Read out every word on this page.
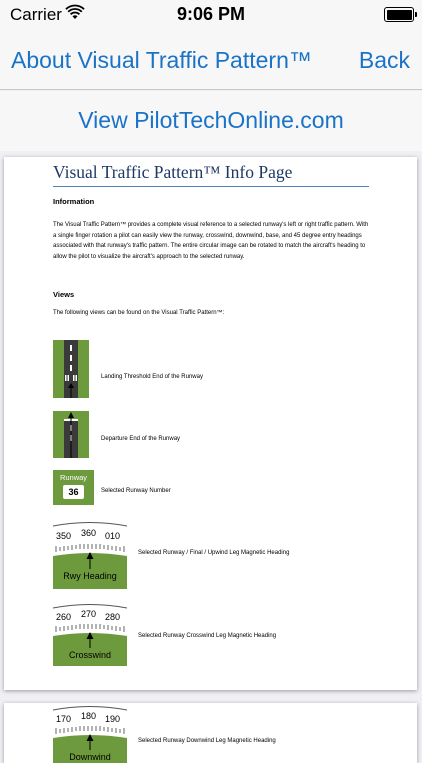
Carrier	9:06 PM
About Visual Traffic Pattern™ Back
View PilotTechOnline.com
Visual Traffic Pattern™ Info Page
Information
The Visual Traffic Pattern™ provides a complete visual reference to a selected runway's left or right traffic pattern. With a single finger rotation a pilot can easily view the runway, crosswind, downwind, base, and 45 degree entry headings associated with that runway's traffic pattern. The entire circular image can be rotated to match the aircraft's heading to allow the pilot to visualize the aircraft's approach to the selected runway.
Views
The following views can be found on the Visual Traffic Pattern™:
Landing Threshold End of the Runway
Departure End of the Runway
Runway
36	Selected Runway Number
350 360 010
Rwy Heading
Selected Runway / Final / Upwind Leg Magnetic Heading
260 270 280
Crosswind
Selected Runway Crosswind Leg Magnetic Heading
170 180 190
Downwind
Selected Runway Downwind Leg Magnetic Heading
